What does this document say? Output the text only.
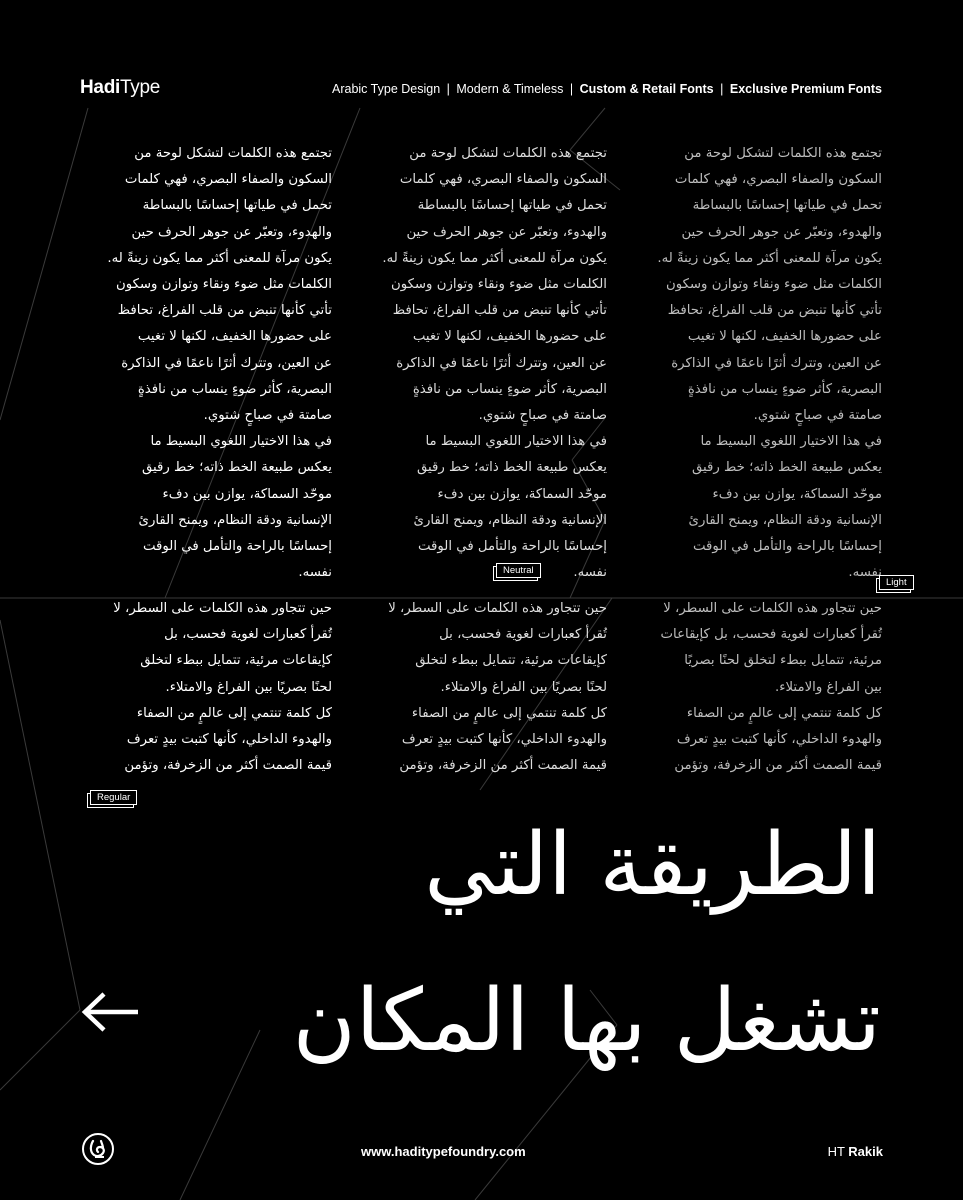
HadiType	Arabic Type Design | Modern & Timeless | Custom & Retail Fonts | Exclusive Premium Fonts

تجتمع هذه الكلمات لتشكل لوحة من

السكون والصفاء البصري، فهي كلمات

تحمل في طياتها إحساسًا بالبساطة

والهدوء، وتعبّر عن جوهر الحرف حين

يكون مرآة للمعنى أكثر مما يكون زينةً له.

الكلمات مثل ضوء ونقاء وتوازن وسكون

تأتي كأنها تنبض من قلب الفراغ، تحافظ

على حضورها الخفيف، لكنها لا تغيب

عن العين، وتترك أثرًا ناعمًا في الذاكرة

البصرية، كأثر ضوءٍ ينساب من نافذةٍ

صامتة في صباحٍ شتوي.

في هذا الاختيار اللغوي البسيط ما

يعكس طبيعة الخط ذاته؛ خط رقيق

موحّد السماكة، يوازن بين دفء

الإنسانية ودقة النظام، ويمنح القارئ

إحساسًا بالراحة والتأمل في الوقت

نفسه.

تجتمع هذه الكلمات لتشكل لوحة من

السكون والصفاء البصري، فهي كلمات

تحمل في طياتها إحساسًا بالبساطة

والهدوء، وتعبّر عن جوهر الحرف حين

يكون مرآة للمعنى أكثر مما يكون زينةً له.

الكلمات مثل ضوء ونقاء وتوازن وسكون

تأتي كأنها تنبض من قلب الفراغ، تحافظ

على حضورها الخفيف، لكنها لا تغيب

عن العين، وتترك أثرًا ناعمًا في الذاكرة

البصرية، كأثر ضوءٍ ينساب من نافذةٍ

صامتة في صباحٍ شتوي.

في هذا الاختيار اللغوي البسيط ما

يعكس طبيعة الخط ذاته؛ خط رقيق

موحّد السماكة، يوازن بين دفء

الإنسانية ودقة النظام، ويمنح القارئ

إحساسًا بالراحة والتأمل في الوقت

نفسه.

تجتمع هذه الكلمات لتشكل لوحة من

السكون والصفاء البصري، فهي كلمات

تحمل في طياتها إحساسًا بالبساطة

والهدوء، وتعبّر عن جوهر الحرف حين

يكون مرآة للمعنى أكثر مما يكون زينةً له.

الكلمات مثل ضوء ونقاء وتوازن وسكون

تأتي كأنها تنبض من قلب الفراغ، تحافظ

على حضورها الخفيف، لكنها لا تغيب

عن العين، وتترك أثرًا ناعمًا في الذاكرة

البصرية، كأثر ضوءٍ ينساب من نافذةٍ

صامتة في صباحٍ شتوي.

في هذا الاختيار اللغوي البسيط ما

يعكس طبيعة الخط ذاته؛ خط رقيق

موحّد السماكة، يوازن بين دفء

الإنسانية ودقة النظام، ويمنح القارئ

إحساسًا بالراحة والتأمل في الوقت

نفسه.

Light
Neutral

حين تتجاور هذه الكلمات على السطر، لا

تُقرأ كعبارات لغوية فحسب، بل كإيقاعات

مرئية، تتمايل ببطء لتخلق لحنًا بصريًا

بين الفراغ والامتلاء.

كل كلمة تنتمي إلى عالمٍ من الصفاء

والهدوء الداخلي، كأنها كتبت بيدٍ تعرف

قيمة الصمت أكثر من الزخرفة، وتؤمن

حين تتجاور هذه الكلمات على السطر، لا

تُقرأ كعبارات لغوية فحسب، بل

كإيقاعات مرئية، تتمايل ببطء لتخلق

لحنًا بصريًا بين الفراغ والامتلاء.

كل كلمة تنتمي إلى عالمٍ من الصفاء

والهدوء الداخلي، كأنها كتبت بيدٍ تعرف

قيمة الصمت أكثر من الزخرفة، وتؤمن

حين تتجاور هذه الكلمات على السطر، لا

تُقرأ كعبارات لغوية فحسب، بل

كإيقاعات مرئية، تتمايل ببطء لتخلق

لحنًا بصريًا بين الفراغ والامتلاء.

كل كلمة تنتمي إلى عالمٍ من الصفاء

والهدوء الداخلي، كأنها كتبت بيدٍ تعرف

قيمة الصمت أكثر من الزخرفة، وتؤمن

Regular
الطريقة التي
تشغل بها المكان
www.haditypefoundry.com	HT Rakik
